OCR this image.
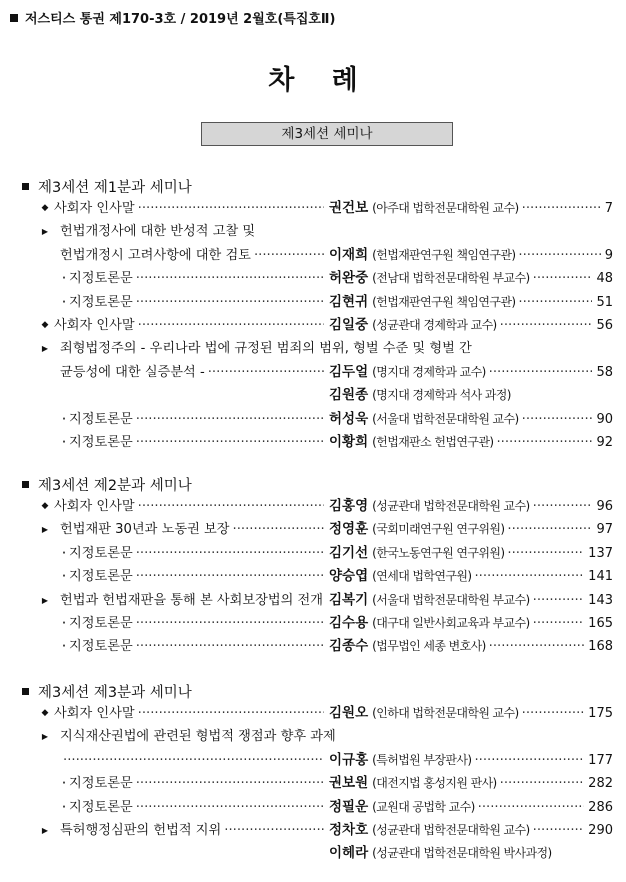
저스티스 통권 제170-3호 / 2019년 2월호(특집호Ⅱ)
차 례
제3세션 세미나
제3세션 제1분과 세미나
◆ 사회자 인사말 ·····	권건보 (아주대 법학전문대학원 교수) ·····	7
▶ 헌법개정사에 대한 반성적 고찰 및
헌법개정시 고려사항에 대한 검토 ·····	이재희 (헌법재판연구원 책임연구관) ·····	9
· 지정토론문 ·····	허완중 (전남대 법학전문대학원 부교수) ·····	48
· 지정토론문 ·····	김현귀 (헌법재판연구원 책임연구관) ·····	51
◆ 사회자 인사말 ·····	김일중 (성균관대 경제학과 교수) ·····	56
▶ 죄형법정주의 - 우리나라 법에 규정된 범죄의 범위, 형벌 수준 및 형벌 간
균등성에 대한 실증분석 - ·····	김두얼 (명지대 경제학과 교수) ·····	58
김원종 (명지대 경제학과 석사 과정)
· 지정토론문 ·····	허성욱 (서울대 법학전문대학원 교수) ·····	90
· 지정토론문 ·····	이황희 (헌법재판소 헌법연구관) ·····	92
제3세션 제2분과 세미나
◆ 사회자 인사말 ·····	김홍영 (성균관대 법학전문대학원 교수) ·····	96
▶ 헌법재판 30년과 노동권 보장 ·····	정영훈 (국회미래연구원 연구위원) ·····	97
· 지정토론문 ·····	김기선 (한국노동연구원 연구위원) ·····	137
· 지정토론문 ·····	양승엽 (연세대 법학연구원) ·····	141
▶ 헌법과 헌법재판을 통해 본 사회보장법의 전개 ····· 김복기 (서울대 법학전문대학원 부교수) ·····	143
· 지정토론문 ·····	김수용 (대구대 일반사회교육과 부교수) ·····	165
· 지정토론문 ·····	김종수 (법무법인 세종 변호사) ·····	168
제3세션 제3분과 세미나
◆ 사회자 인사말 ·····	김원오 (인하대 법학전문대학원 교수) ·····	175
▶ 지식재산권법에 관련된 형법적 쟁점과 향후 과제
·····
이규홍 (특허법원 부장판사) ·····	177
· 지정토론문 ·····	권보원 (대전지법 홍성지원 판사) ·····	282
· 지정토론문 ·····	정필운 (교원대 공법학 교수) ·····	286
▶ 특허행정심판의 헌법적 지위 ·····	정차호 (성균관대 법학전문대학원 교수) ·····	290
이헤라 (성균관대 법학전문대학원 박사과정)
